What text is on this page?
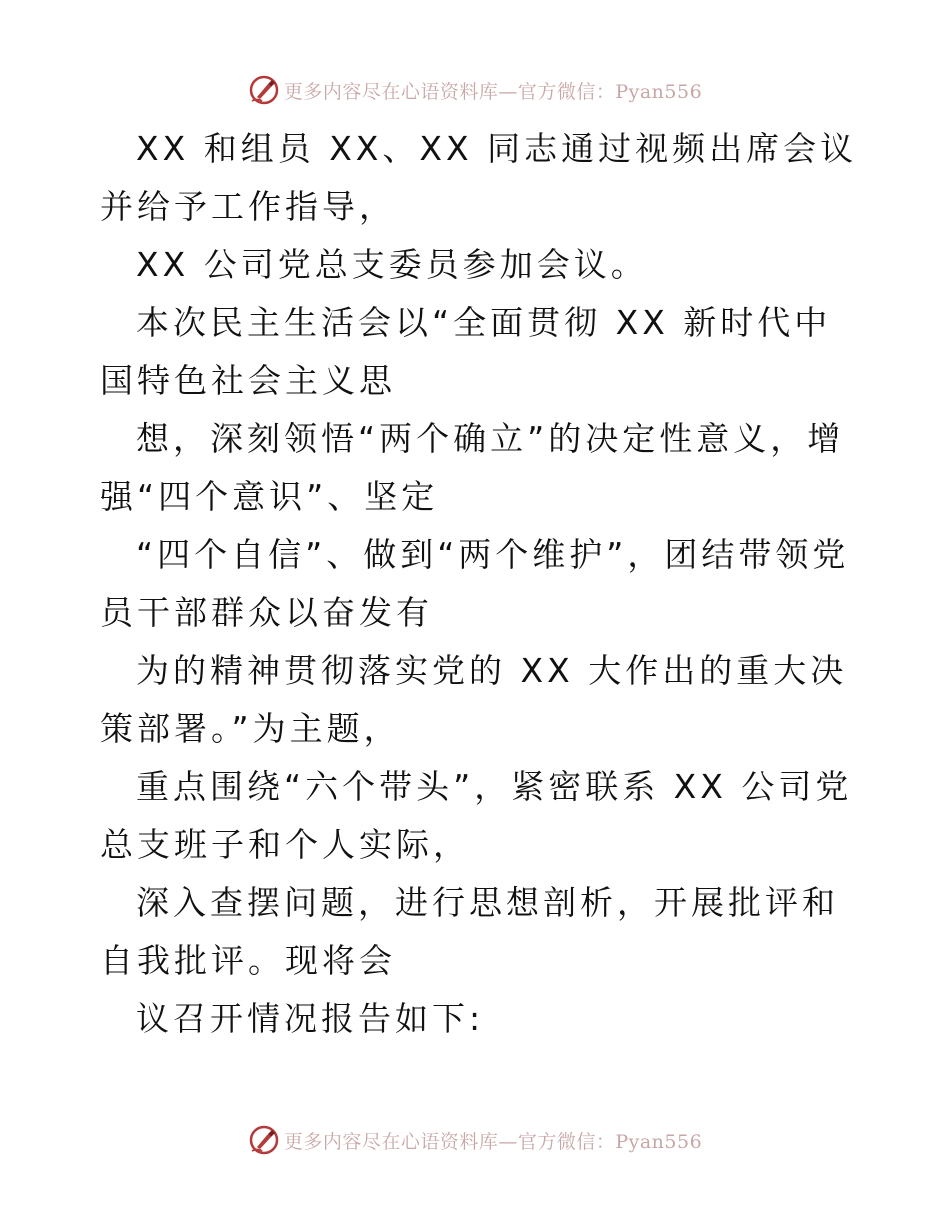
更多内容尽在心语资料库—官方微信：Pyan556

XX 和组员 XX、XX 同志通过视频出席会议并给予工作指导，

XX 公司党总支委员参加会议。

本次民主生活会以“全面贯彻 XX 新时代中国特色社会主义思

想，深刻领悟“两个确立”的决定性意义，增强“四个意识”、坚定

“四个自信”、做到“两个维护”，团结带领党员干部群众以奋发有

为的精神贯彻落实党的 XX 大作出的重大决策部署。”为主题，

重点围绕“六个带头”，紧密联系 XX 公司党总支班子和个人实际，

深入查摆问题，进行思想剖析，开展批评和自我批评。现将会

议召开情况报告如下:

更多内容尽在心语资料库—官方微信：Pyan556
